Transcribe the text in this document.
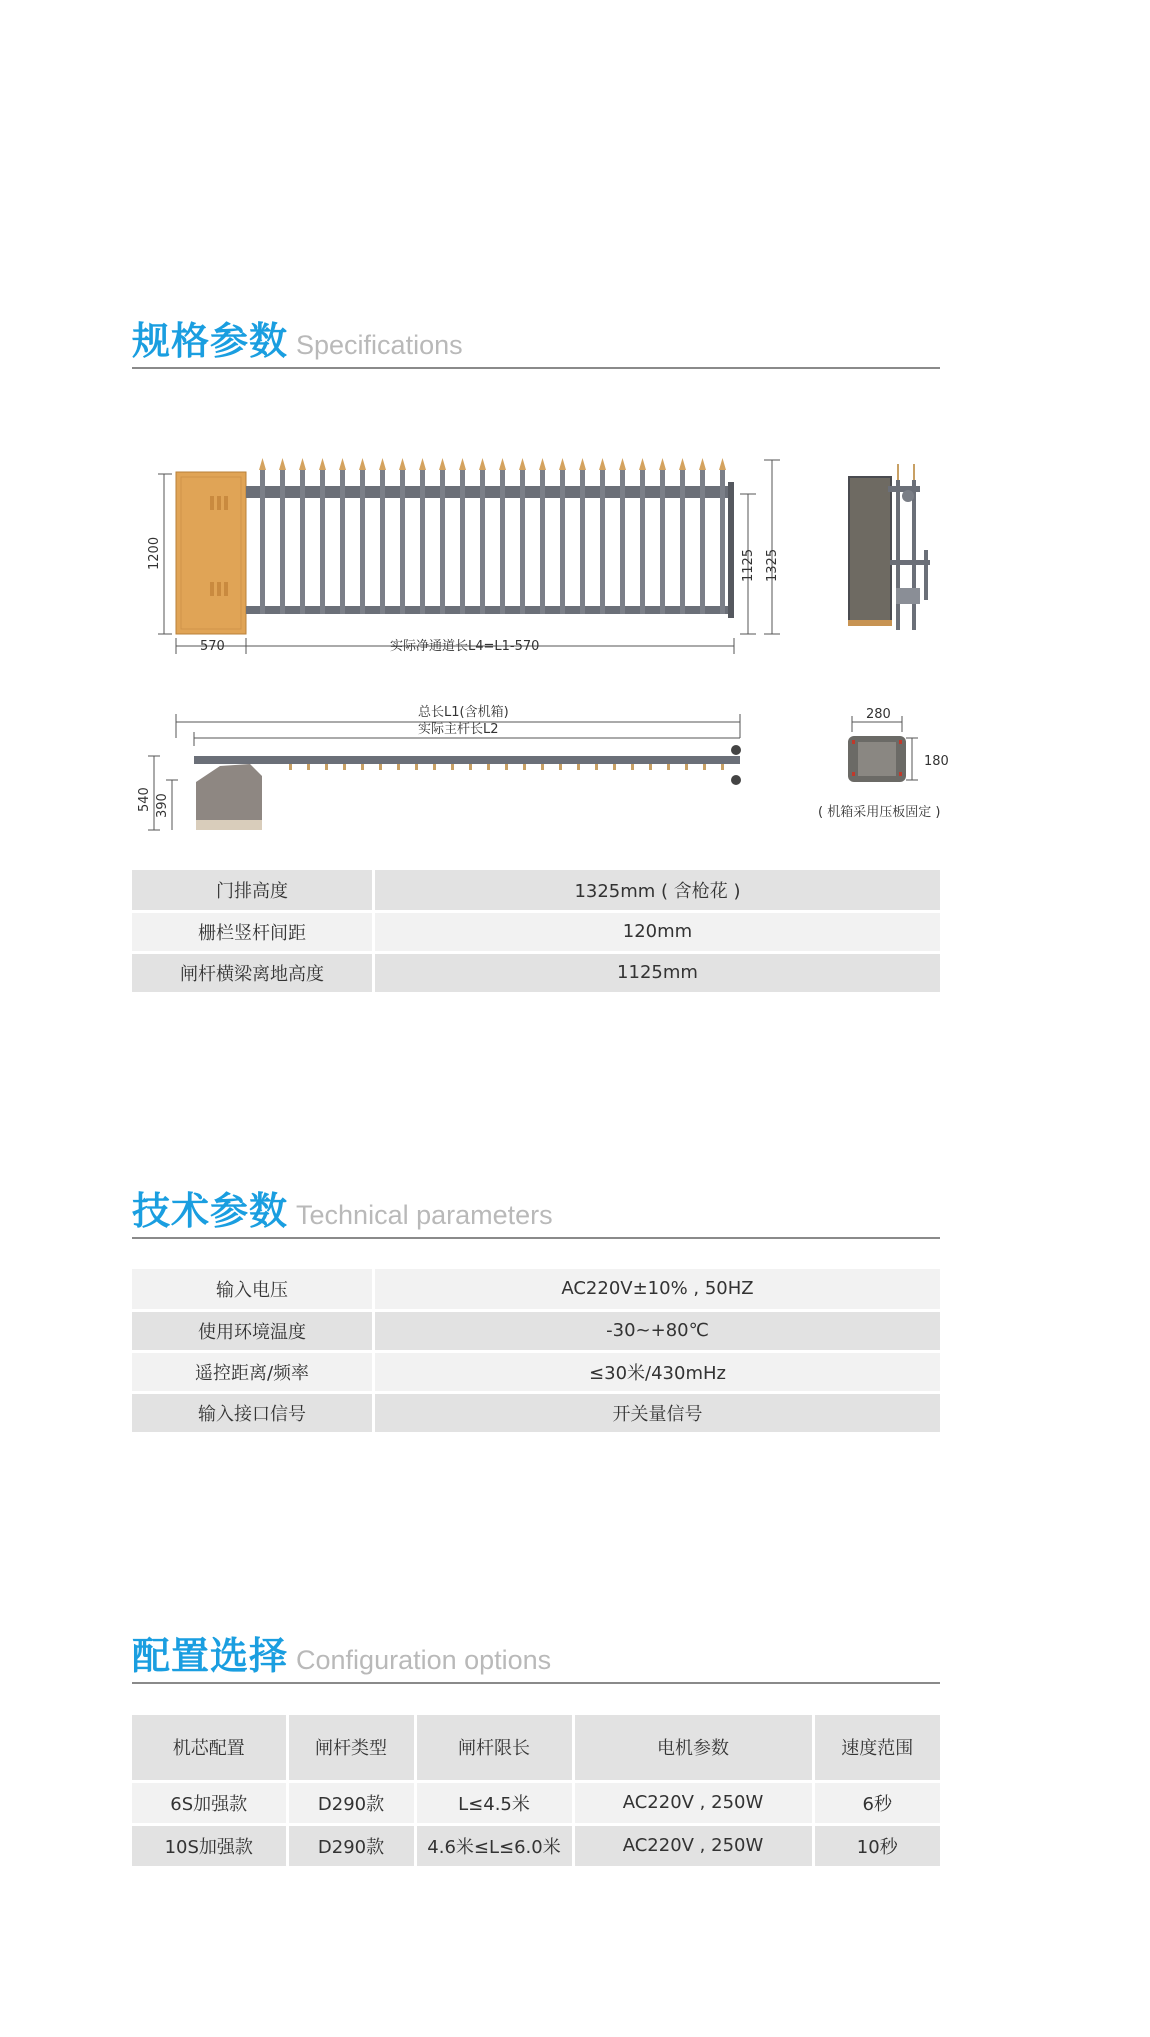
规格参数 Specifications
1200
570	实际净通道长L4=L1-570
1125 1325
总长L1(含机箱)
实际主杆长L2
540 390
280
180
( 机箱采用压板固定 )
门排高度	1325mm ( 含枪花 )
栅栏竖杆间距	120mm
闸杆横梁离地高度	1125mm
技术参数 Technical parameters
输入电压	AC220V±10% , 50HZ
使用环境温度	-30~+80℃
遥控距离/频率	≤30米/430mHz
输入接口信号	开关量信号
配置选择 Configuration options
机芯配置	闸杆类型	闸杆限长	电机参数	速度范围
6S加强款	D290款	L≤4.5米	AC220V , 250W	6秒
10S加强款	D290款	4.6米≤L≤6.0米	AC220V , 250W	10秒
